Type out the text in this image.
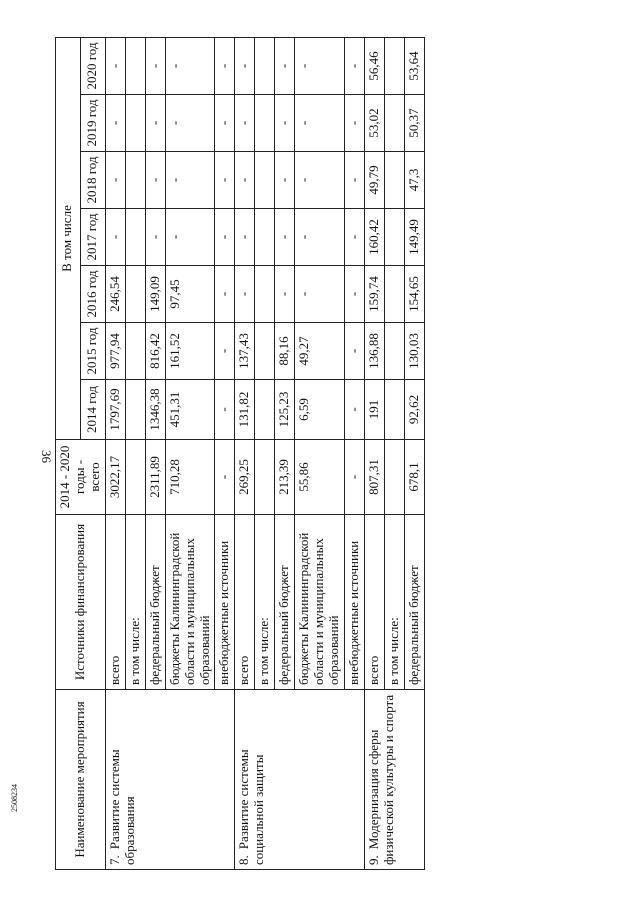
36
2508234	Наименование мероприятия	Источники финансирования	2014 - 2020 годы - всего	В том числе						
			2014 год	2015 год	2016 год	2017 год	2018 год	2019 год	2020 год
7.Развитие системы образования	всего	3022,17	1797,69	977,94	246,54	-	-	-	-
	в том числе:								
	федеральный бюджет	2311,89	1346,38	816,42	149,09	-	-	-	-
	бюджеты Калининградской области и муниципальных образований	710,28	451,31	161,52	97,45	-	-	-	-
	внебюджетные источники	-	-	-	-	-	-	-	-
8.Развитие системы социальной защиты	всего	269,25	131,82	137,43	-	-	-	-	-
	в том числе:								
	федеральный бюджет	213,39	125,23	88,16	-	-	-	-	-
	бюджеты Калининградской области и муниципальных образований	55,86	6,59	49,27	-	-	-	-	-
	внебюджетные источники	-	-	-	-	-	-	-	-
9.Модернизация сферы физической культуры и спорта	всего	807,31	191	136,88	159,74	160,42	49,79	53,02	56,46
	в том числе:								
	федеральный бюджет	678,1	92,62	130,03	154,65	149,49	47,3	50,37	53,64
